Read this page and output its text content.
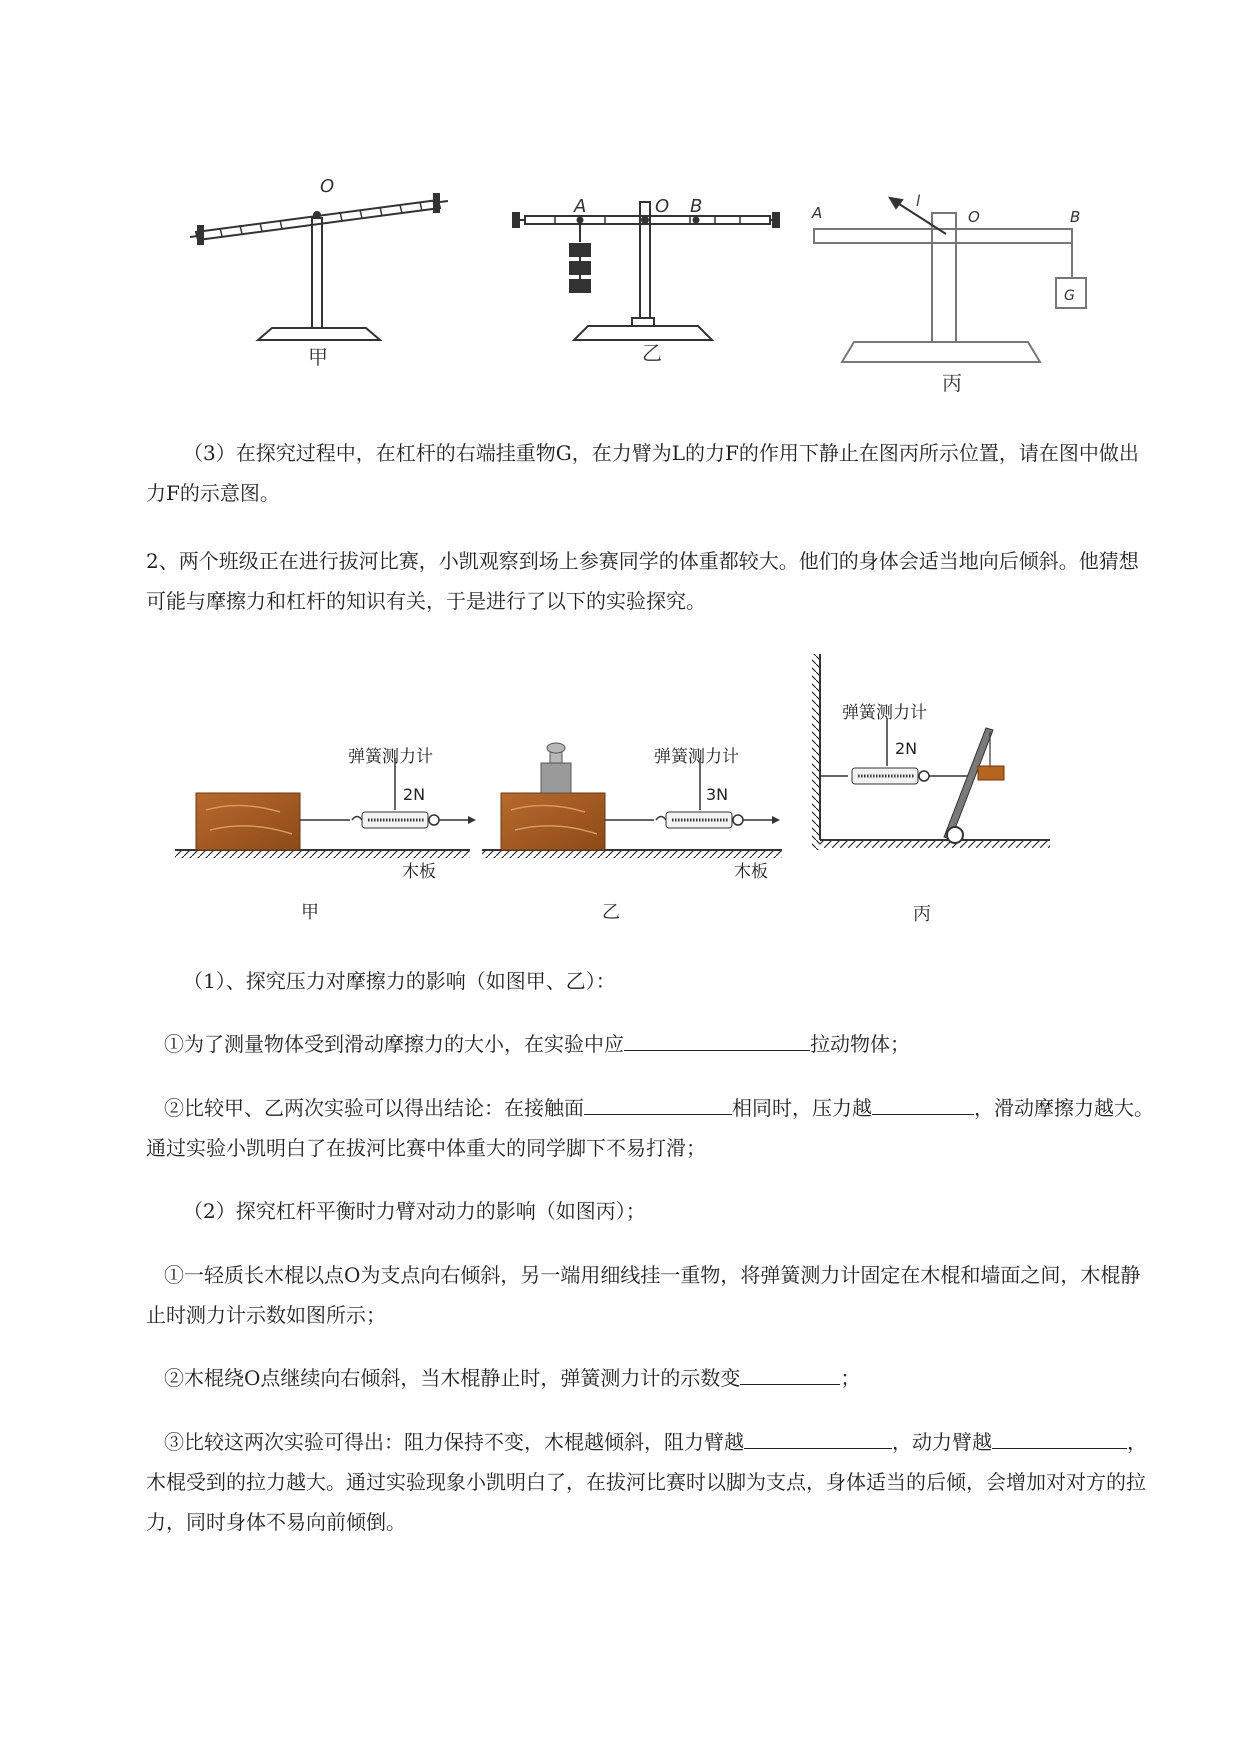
O
A	O B	A	O	B
l
G
甲	乙
丙

（3）在探究过程中，在杠杆的右端挂重物G，在力臂为L的力F的作用下静止在图丙所示位置，请在图中做出力F的示意图。

2、两个班级正在进行拔河比赛，小凯观察到场上参赛同学的体重都较大。他们的身体会适当地向后倾斜。他猜想可能与摩擦力和杠杆的知识有关，于是进行了以下的实验探究。

弹簧测力计
2N
木板
弹簧测力计
3N
木板
弹簧测力计
2N
甲	乙	丙

（1）、探究压力对摩擦力的影响（如图甲、乙）：

①为了测量物体受到滑动摩擦力的大小，在实验中应	拉动物体；

②比较甲、乙两次实验可以得出结论：在接触面	相同时，压力越	，滑动摩擦力越大。通过实验小凯明白了在拔河比赛中体重大的同学脚下不易打滑；

（2）探究杠杆平衡时力臂对动力的影响（如图丙）；

①一轻质长木棍以点O为支点向右倾斜，另一端用细线挂一重物，将弹簧测力计固定在木棍和墙面之间，木棍静止时测力计示数如图所示；

②木棍绕O点继续向右倾斜，当木棍静止时，弹簧测力计的示数变	；

③比较这两次实验可得出：阻力保持不变，木棍越倾斜，阻力臂越	，动力臂越	，木棍受到的拉力越大。通过实验现象小凯明白了，在拔河比赛时以脚为支点，身体适当的后倾，会增加对对方的拉力，同时身体不易向前倾倒。
